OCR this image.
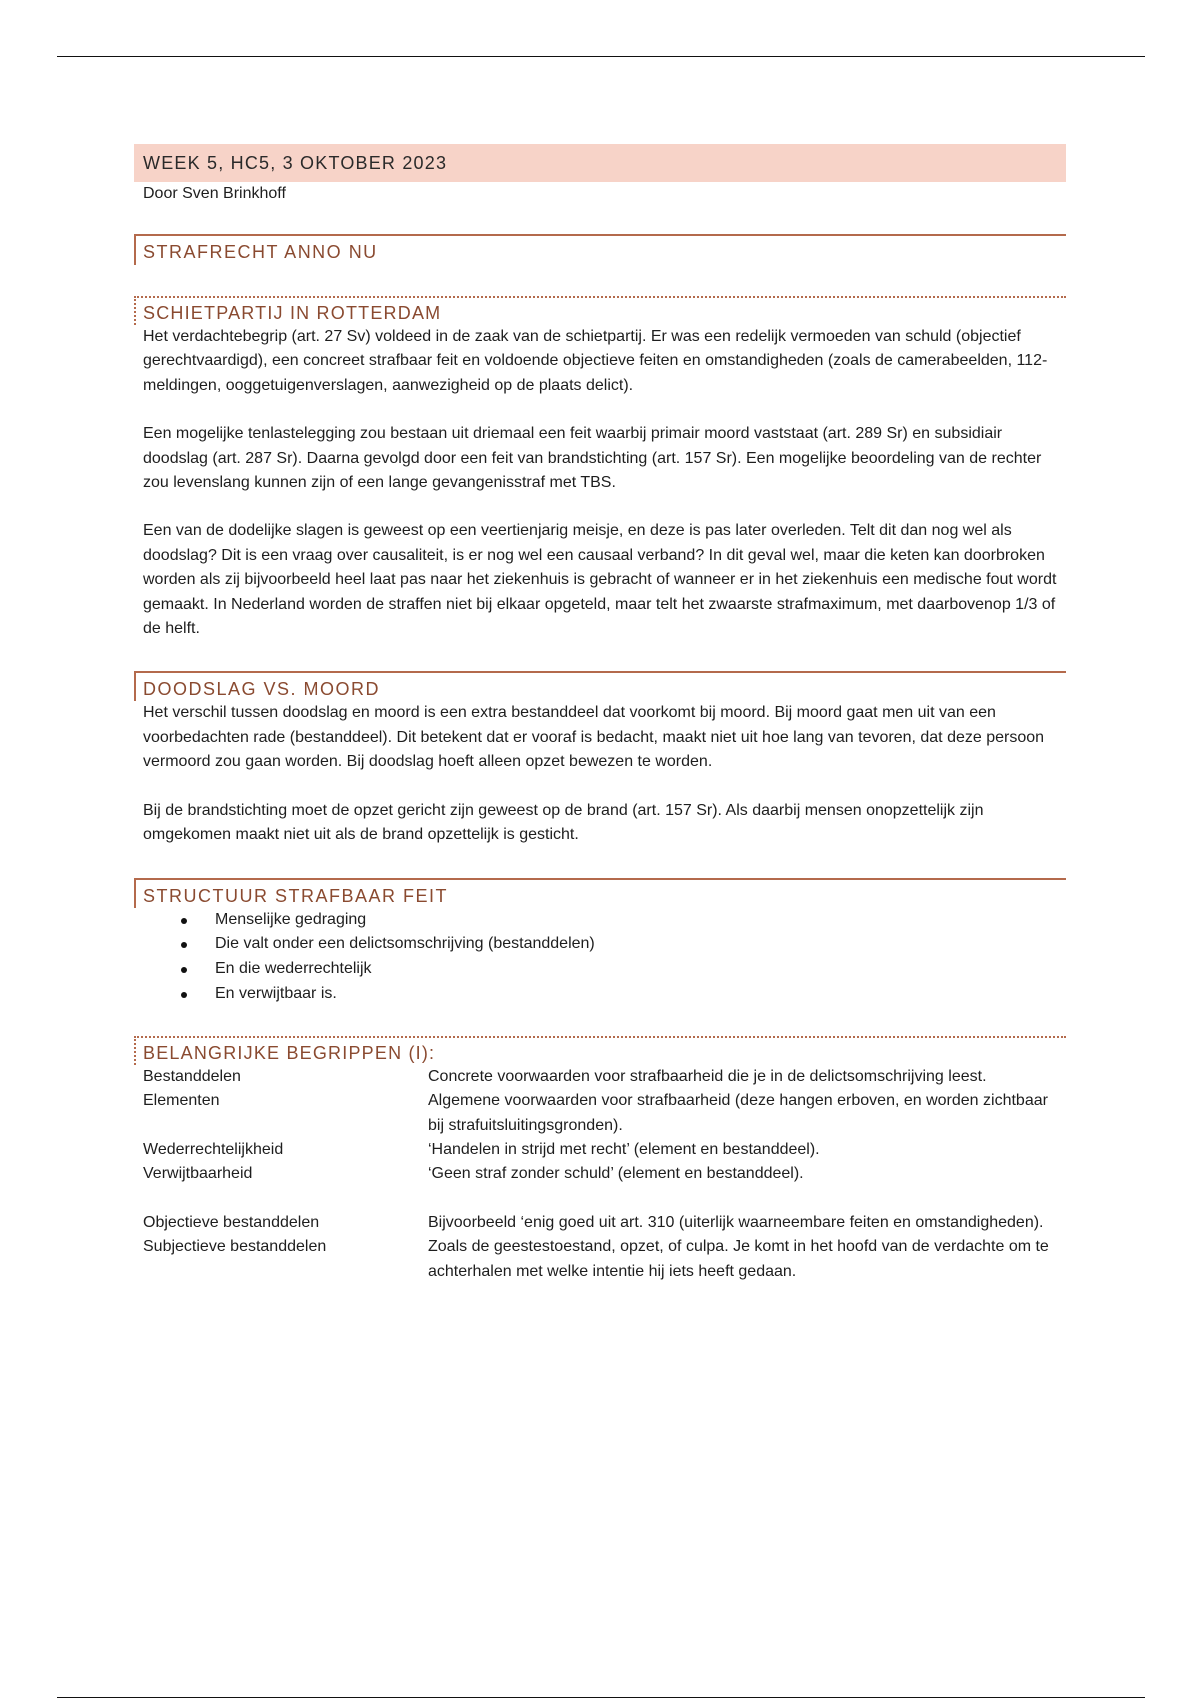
WEEK 5, HC5, 3 OKTOBER 2023
Door Sven Brinkhoff
STRAFRECHT ANNO NU
SCHIETPARTIJ IN ROTTERDAM

Het verdachtebegrip (art. 27 Sv) voldeed in de zaak van de schietpartij. Er was een redelijk vermoeden van schuld (objectief gerechtvaardigd), een concreet strafbaar feit en voldoende objectieve feiten en omstandigheden (zoals de camerabeelden, 112-meldingen, ooggetuigenverslagen, aanwezigheid op de plaats delict).

Een mogelijke tenlastelegging zou bestaan uit driemaal een feit waarbij primair moord vaststaat (art. 289 Sr) en subsidiair doodslag (art. 287 Sr). Daarna gevolgd door een feit van brandstichting (art. 157 Sr). Een mogelijke beoordeling van de rechter zou levenslang kunnen zijn of een lange gevangenisstraf met TBS.

Een van de dodelijke slagen is geweest op een veertienjarig meisje, en deze is pas later overleden. Telt dit dan nog wel als doodslag? Dit is een vraag over causaliteit, is er nog wel een causaal verband? In dit geval wel, maar die keten kan doorbroken worden als zij bijvoorbeeld heel laat pas naar het ziekenhuis is gebracht of wanneer er in het ziekenhuis een medische fout wordt gemaakt. In Nederland worden de straffen niet bij elkaar opgeteld, maar telt het zwaarste strafmaximum, met daarbovenop 1/3 of de helft.

DOODSLAG VS. MOORD

Het verschil tussen doodslag en moord is een extra bestanddeel dat voorkomt bij moord. Bij moord gaat men uit van een voorbedachten rade (bestanddeel). Dit betekent dat er vooraf is bedacht, maakt niet uit hoe lang van tevoren, dat deze persoon vermoord zou gaan worden. Bij doodslag hoeft alleen opzet bewezen te worden.

Bij de brandstichting moet de opzet gericht zijn geweest op de brand (art. 157 Sr). Als daarbij mensen onopzettelijk zijn omgekomen maakt niet uit als de brand opzettelijk is gesticht.

STRUCTUUR STRAFBAAR FEIT
Menselijke gedraging
Die valt onder een delictsomschrijving (bestanddelen)
En die wederrechtelijk
En verwijtbaar is.
BELANGRIJKE BEGRIPPEN (I):
Bestanddelen	Concrete voorwaarden voor strafbaarheid die je in de delictsomschrijving leest.
Elementen	Algemene voorwaarden voor strafbaarheid (deze hangen erboven, en worden zichtbaar bij strafuitsluitingsgronden).
Wederrechtelijkheid	‘Handelen in strijd met recht’ (element en bestanddeel).
Verwijtbaarheid	‘Geen straf zonder schuld’ (element en bestanddeel).

Objectieve bestanddelen	Bijvoorbeeld ‘enig goed uit art. 310 (uiterlijk waarneembare feiten en omstandigheden).
Subjectieve bestanddelen	Zoals de geestestoestand, opzet, of culpa. Je komt in het hoofd van de verdachte om te achterhalen met welke intentie hij iets heeft gedaan.
